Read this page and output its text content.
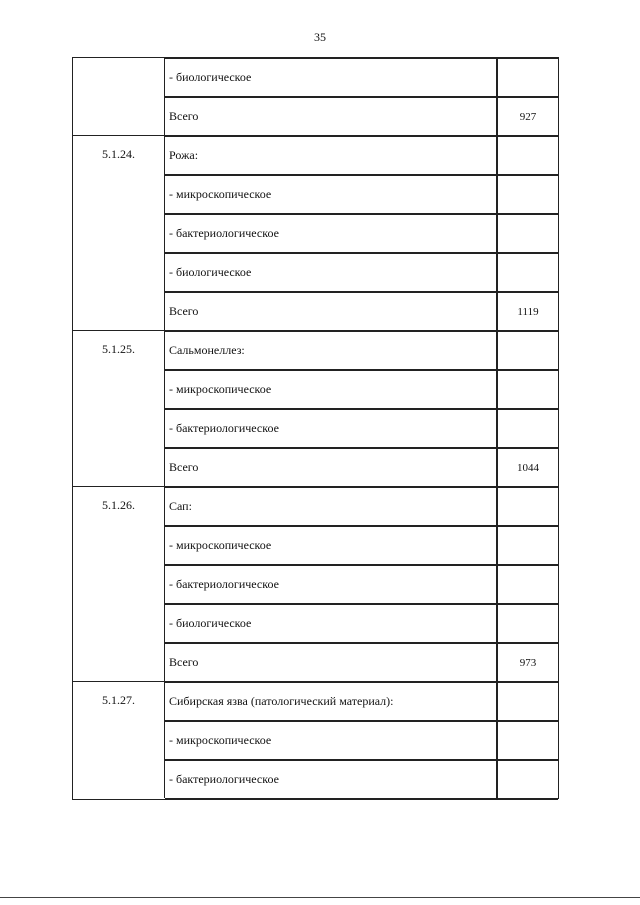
35
- биологическое
Всего	927
5.1.24.	Рожа:
- микроскопическое
- бактериологическое
- биологическое
Всего	1119
5.1.25.	Сальмонеллез:
- микроскопическое
- бактериологическое
Всего	1044
5.1.26.	Сап:
- микроскопическое
- бактериологическое
- биологическое
Всего	973
5.1.27.	Сибирская язва (патологический материал):
- микроскопическое
- бактериологическое
